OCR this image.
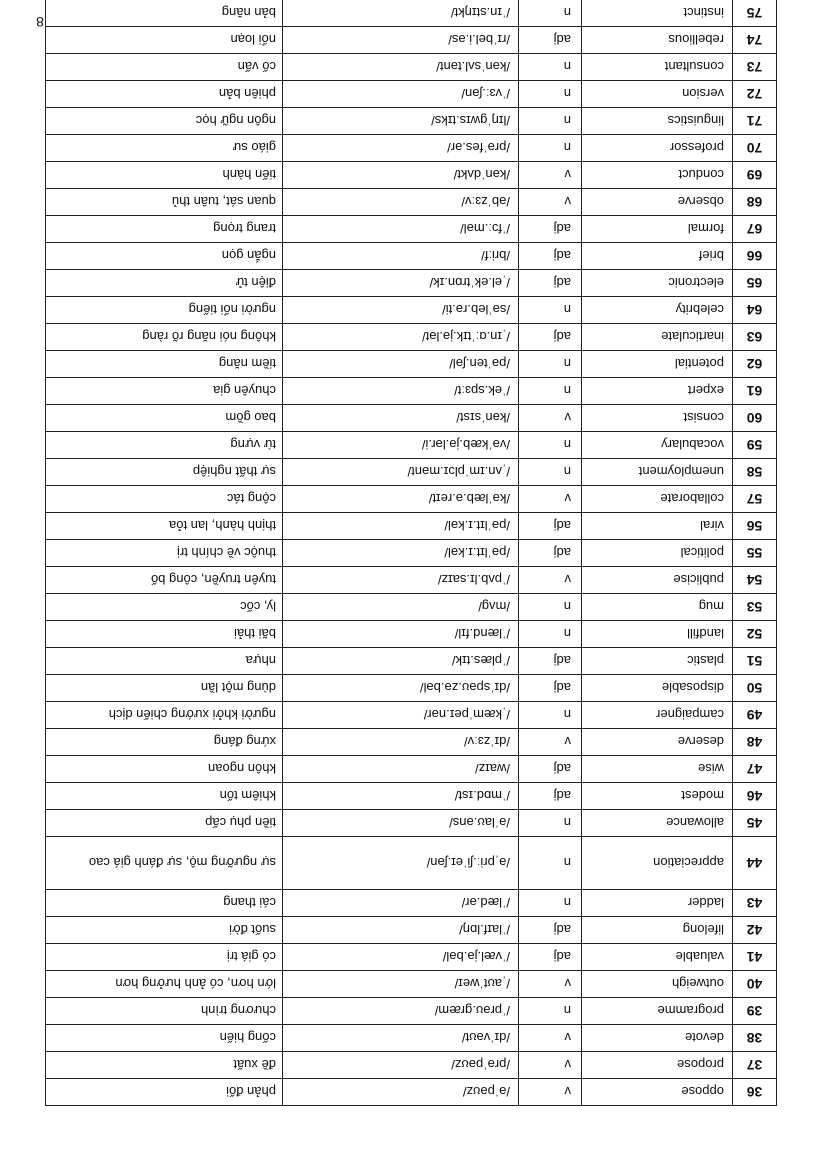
8
36	oppose	v	/əˈpəʊz/	phản đối
37	propose	v	/prəˈpəʊz/	đề xuất
38	devote	v	/dɪˈvəʊt/	cống hiến
39	programme	n	/ˈprəʊ.ɡræm/	chương trình
40	outweigh	v	/ˌaʊtˈweɪ/	lớn hơn, có ảnh hưởng hơn
41	valuable	adj	/ˈvæl.jə.bəl/	có giá trị
42	lifelong	adj	/ˈlaɪf.lɒŋ/	suốt đời
43	ladder	n	/ˈlæd.ər/	cái thang
44	appreciation	n	/əˌpriː.ʃiˈeɪ.ʃən/	sự ngưỡng mộ, sự đánh giá cao
45	allowance	n	/əˈlaʊ.əns/	tiền phụ cấp
46	modest	adj	/ˈmɒd.ɪst/	khiêm tốn
47	wise	adj	/waɪz/	khôn ngoan
48	deserve	v	/dɪˈzɜːv/	xứng đáng
49	campaigner	n	/ˌkæmˈpeɪ.nər/	người khởi xướng chiến dịch
50	disposable	adj	/dɪˈspəʊ.zə.bəl/	dùng một lần
51	plastic	adj	/ˈplæs.tɪk/	nhựa
52	landfill	n	/ˈlænd.fɪl/	bãi thải
53	mug	n	/mʌɡ/	ly, cốc
54	publicise	v	/ˈpʌb.lɪ.saɪz/	tuyên truyền, công bố
55	political	adj	/pəˈlɪt.ɪ.kəl/	thuộc về chính trị
56	viral	adj	/pəˈlɪt.ɪ.kəl/	thịnh hành, lan tỏa
57	collaborate	v	/kəˈlæb.ə.reɪt/	cộng tác
58	unemployment	n	/ˌʌn.ɪmˈplɔɪ.mənt/	sự thất nghiệp
59	vocabulary	n	/vəˈkæb.jə.lər.i/	từ vựng
60	consist	v	/kənˈsɪst/	bao gồm
61	expert	n	/ˈek.spɜːt/	chuyên gia
62	potential	n	/pəˈten.ʃəl/	tiềm năng
63	inarticulate	adj	/ˌɪn.ɑːˈtɪk.jə.lət/	không nói năng rõ ràng
64	celebrity	n	/səˈleb.rə.ti/	người nổi tiếng
65	electronic	adj	/ˌel.ekˈtrɒn.ɪk/	điện tử
66	brief	adj	/briːf/	ngắn gọn
67	formal	adj	/ˈfɔː.məl/	trang trọng
68	observe	v	/əbˈzɜːv/	quan sát, tuân thủ
69	conduct	v	/kənˈdʌkt/	tiến hành
70	professor	n	/prəˈfes.ər/	giáo sư
71	linguistics	n	/lɪŋˈɡwɪs.tɪks/	ngôn ngữ học
72	version	n	/ˈvɜː.ʃən/	phiên bản
73	consultant	n	/kənˈsʌl.tənt/	cố vấn
74	rebellious	adj	/rɪˈbel.i.əs/	nổi loạn
75	instinct	n	/ˈɪn.stɪŋkt/	bản năng
